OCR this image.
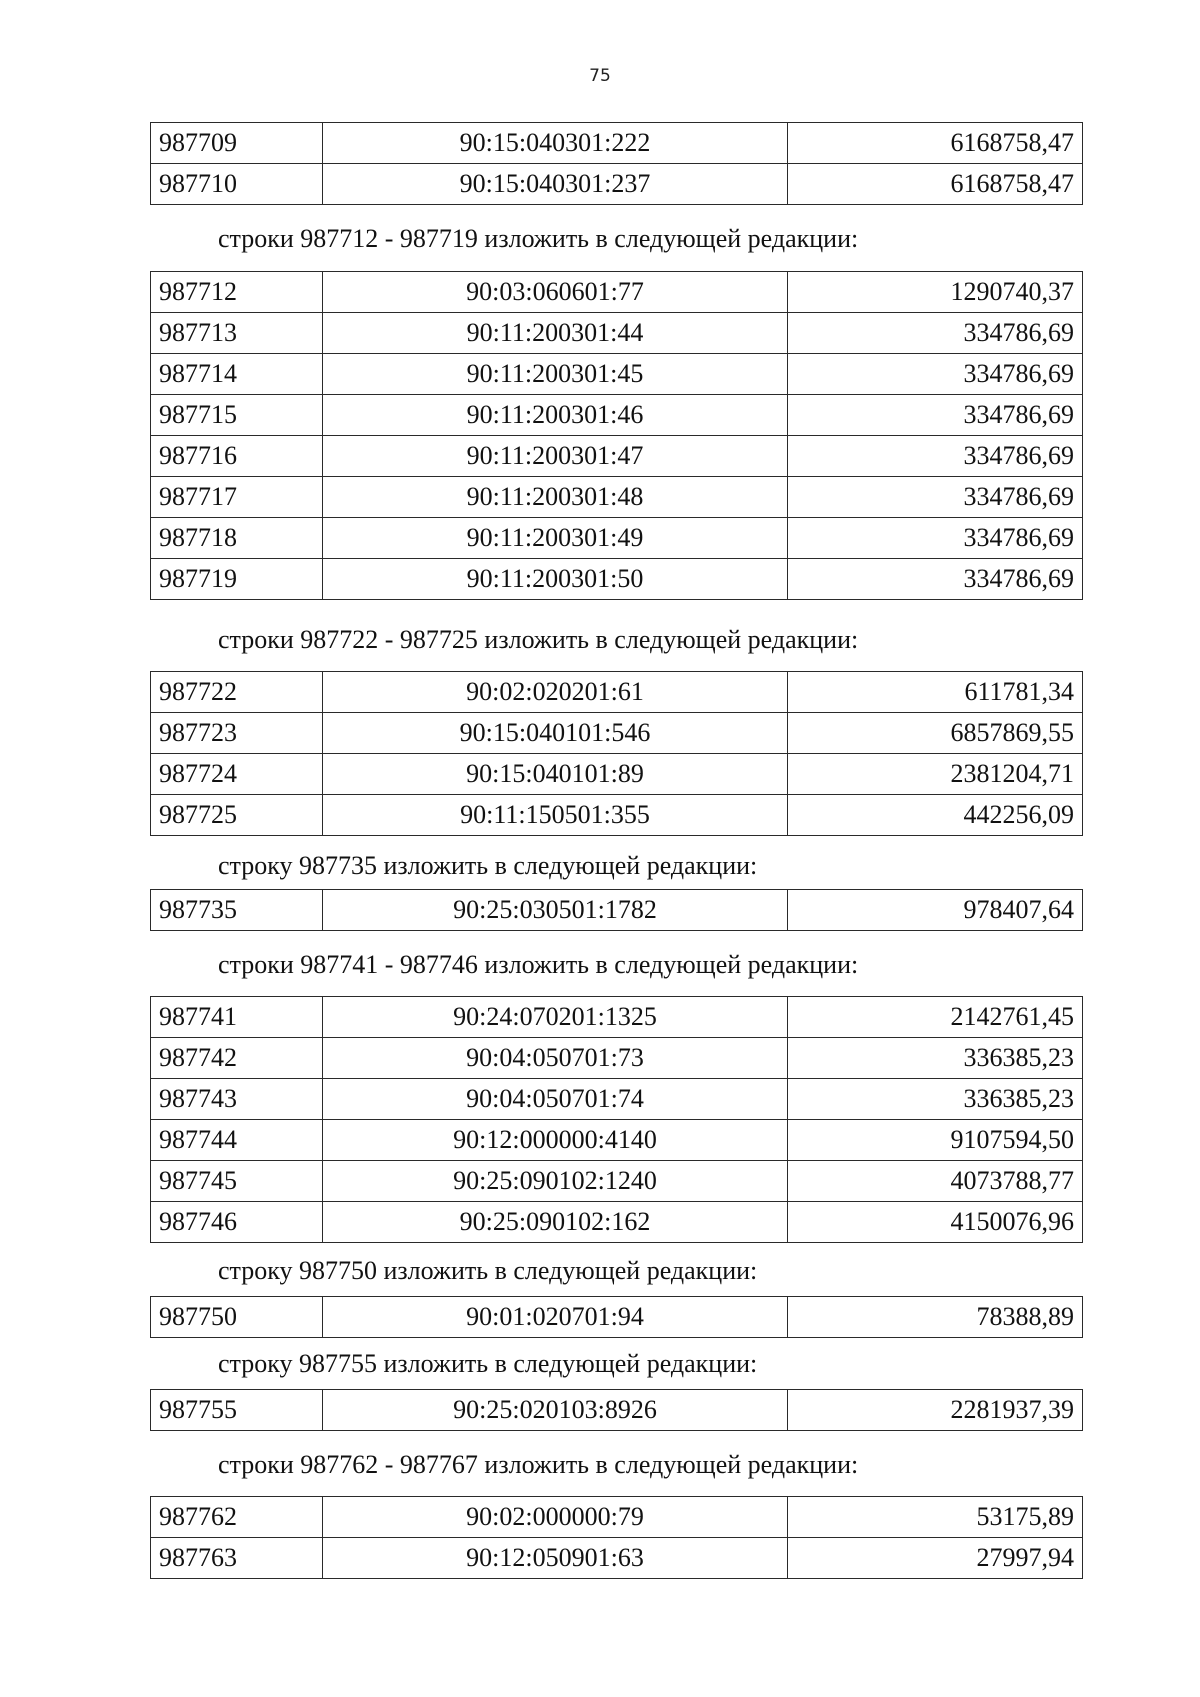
75
987709	90:15:040301:222	6168758,47
987710	90:15:040301:237	6168758,47
строки 987712 - 987719 изложить в следующей редакции:
987712	90:03:060601:77	1290740,37
987713	90:11:200301:44	334786,69
987714	90:11:200301:45	334786,69
987715	90:11:200301:46	334786,69
987716	90:11:200301:47	334786,69
987717	90:11:200301:48	334786,69
987718	90:11:200301:49	334786,69
987719	90:11:200301:50	334786,69
строки 987722 - 987725 изложить в следующей редакции:
987722	90:02:020201:61	611781,34
987723	90:15:040101:546	6857869,55
987724	90:15:040101:89	2381204,71
987725	90:11:150501:355	442256,09
строку 987735 изложить в следующей редакции:
987735	90:25:030501:1782	978407,64
строки 987741 - 987746 изложить в следующей редакции:
987741	90:24:070201:1325	2142761,45
987742	90:04:050701:73	336385,23
987743	90:04:050701:74	336385,23
987744	90:12:000000:4140	9107594,50
987745	90:25:090102:1240	4073788,77
987746	90:25:090102:162	4150076,96
строку 987750 изложить в следующей редакции:
987750	90:01:020701:94	78388,89
строку 987755 изложить в следующей редакции:
987755	90:25:020103:8926	2281937,39
строки 987762 - 987767 изложить в следующей редакции:
987762	90:02:000000:79	53175,89
987763	90:12:050901:63	27997,94
